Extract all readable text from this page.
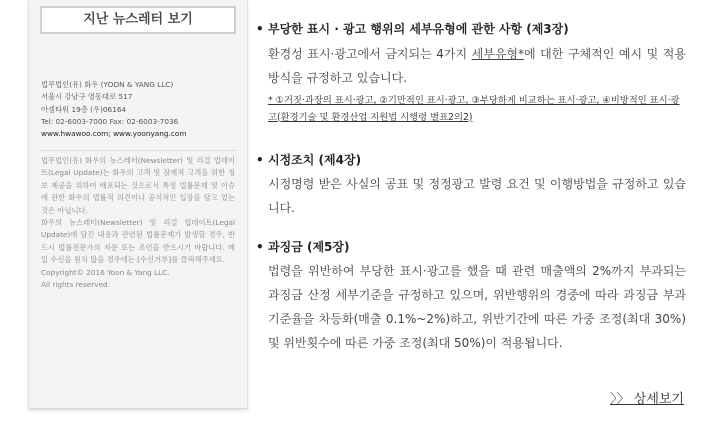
지난 뉴스레터 보기
법무법인(유) 화우 (YOON & YANG LLC)
서울시 강남구 영동대로 517
아셈타워 19층 (우)06164
Tel: 02-6003-7000 Fax: 02-6003-7036
www.hwawoo.com; www.yoonyang.com

법무법인(유) 화우의 뉴스레터(Newsletter) 및 리걸 업데이트(Legal Update)는 화우의 고객 및 잠재적 고객을 위한 정보 제공을 위하여 배포되는 것으로서 특정 법률문제 및 이슈에 관한 화우의 법률적 의견이나 공식적인 입장을 담고 있는 것은 아닙니다.

화우의 뉴스레터(Newsletter) 및 리걸 업데이트(Legal Update)에 담긴 내용과 관련된 법률문제가 발생할 경우, 반드시 법률전문가의 자문 또는 조언을 받으시기 바랍니다. 메일 수신을 원치 않을 경우에는 [수신거부]를 클릭해주세요.

Copyright© 2016 Yoon & Yang LLC.

All rights reserved.

• 부당한 표시 · 광고 행위의 세부유형에 관한 사항 (제3장)
환경성 표시·광고에서 금지되는 4가지 세부유형*에 대한 구체적인 예시 및 적용방식을 규정하고 있습니다.
* ①거짓·과장의 표시·광고, ②기만적인 표시·광고, ③부당하게 비교하는 표시·광고, ④비방적인 표시·광고(환경기술 및 환경산업 지원법 시행령 별표2의2)
• 시정조치 (제4장)
시정명령 받은 사실의 공표 및 정정광고 발령 요건 및 이행방법을 규정하고 있습니다.
• 과징금 (제5장)
법령을 위반하여 부당한 표시·광고를 했을 때 관련 매출액의 2%까지 부과되는 과징금 산정 세부기준을 규정하고 있으며, 위반행위의 경중에 따라 과징금 부과기준율을 차등화(매출 0.1%~2%)하고, 위반기간에 따른 가중 조정(최대 30%) 및 위반횟수에 따른 가중 조정(최대 50%)이 적용됩니다.
〉〉 상세보기
